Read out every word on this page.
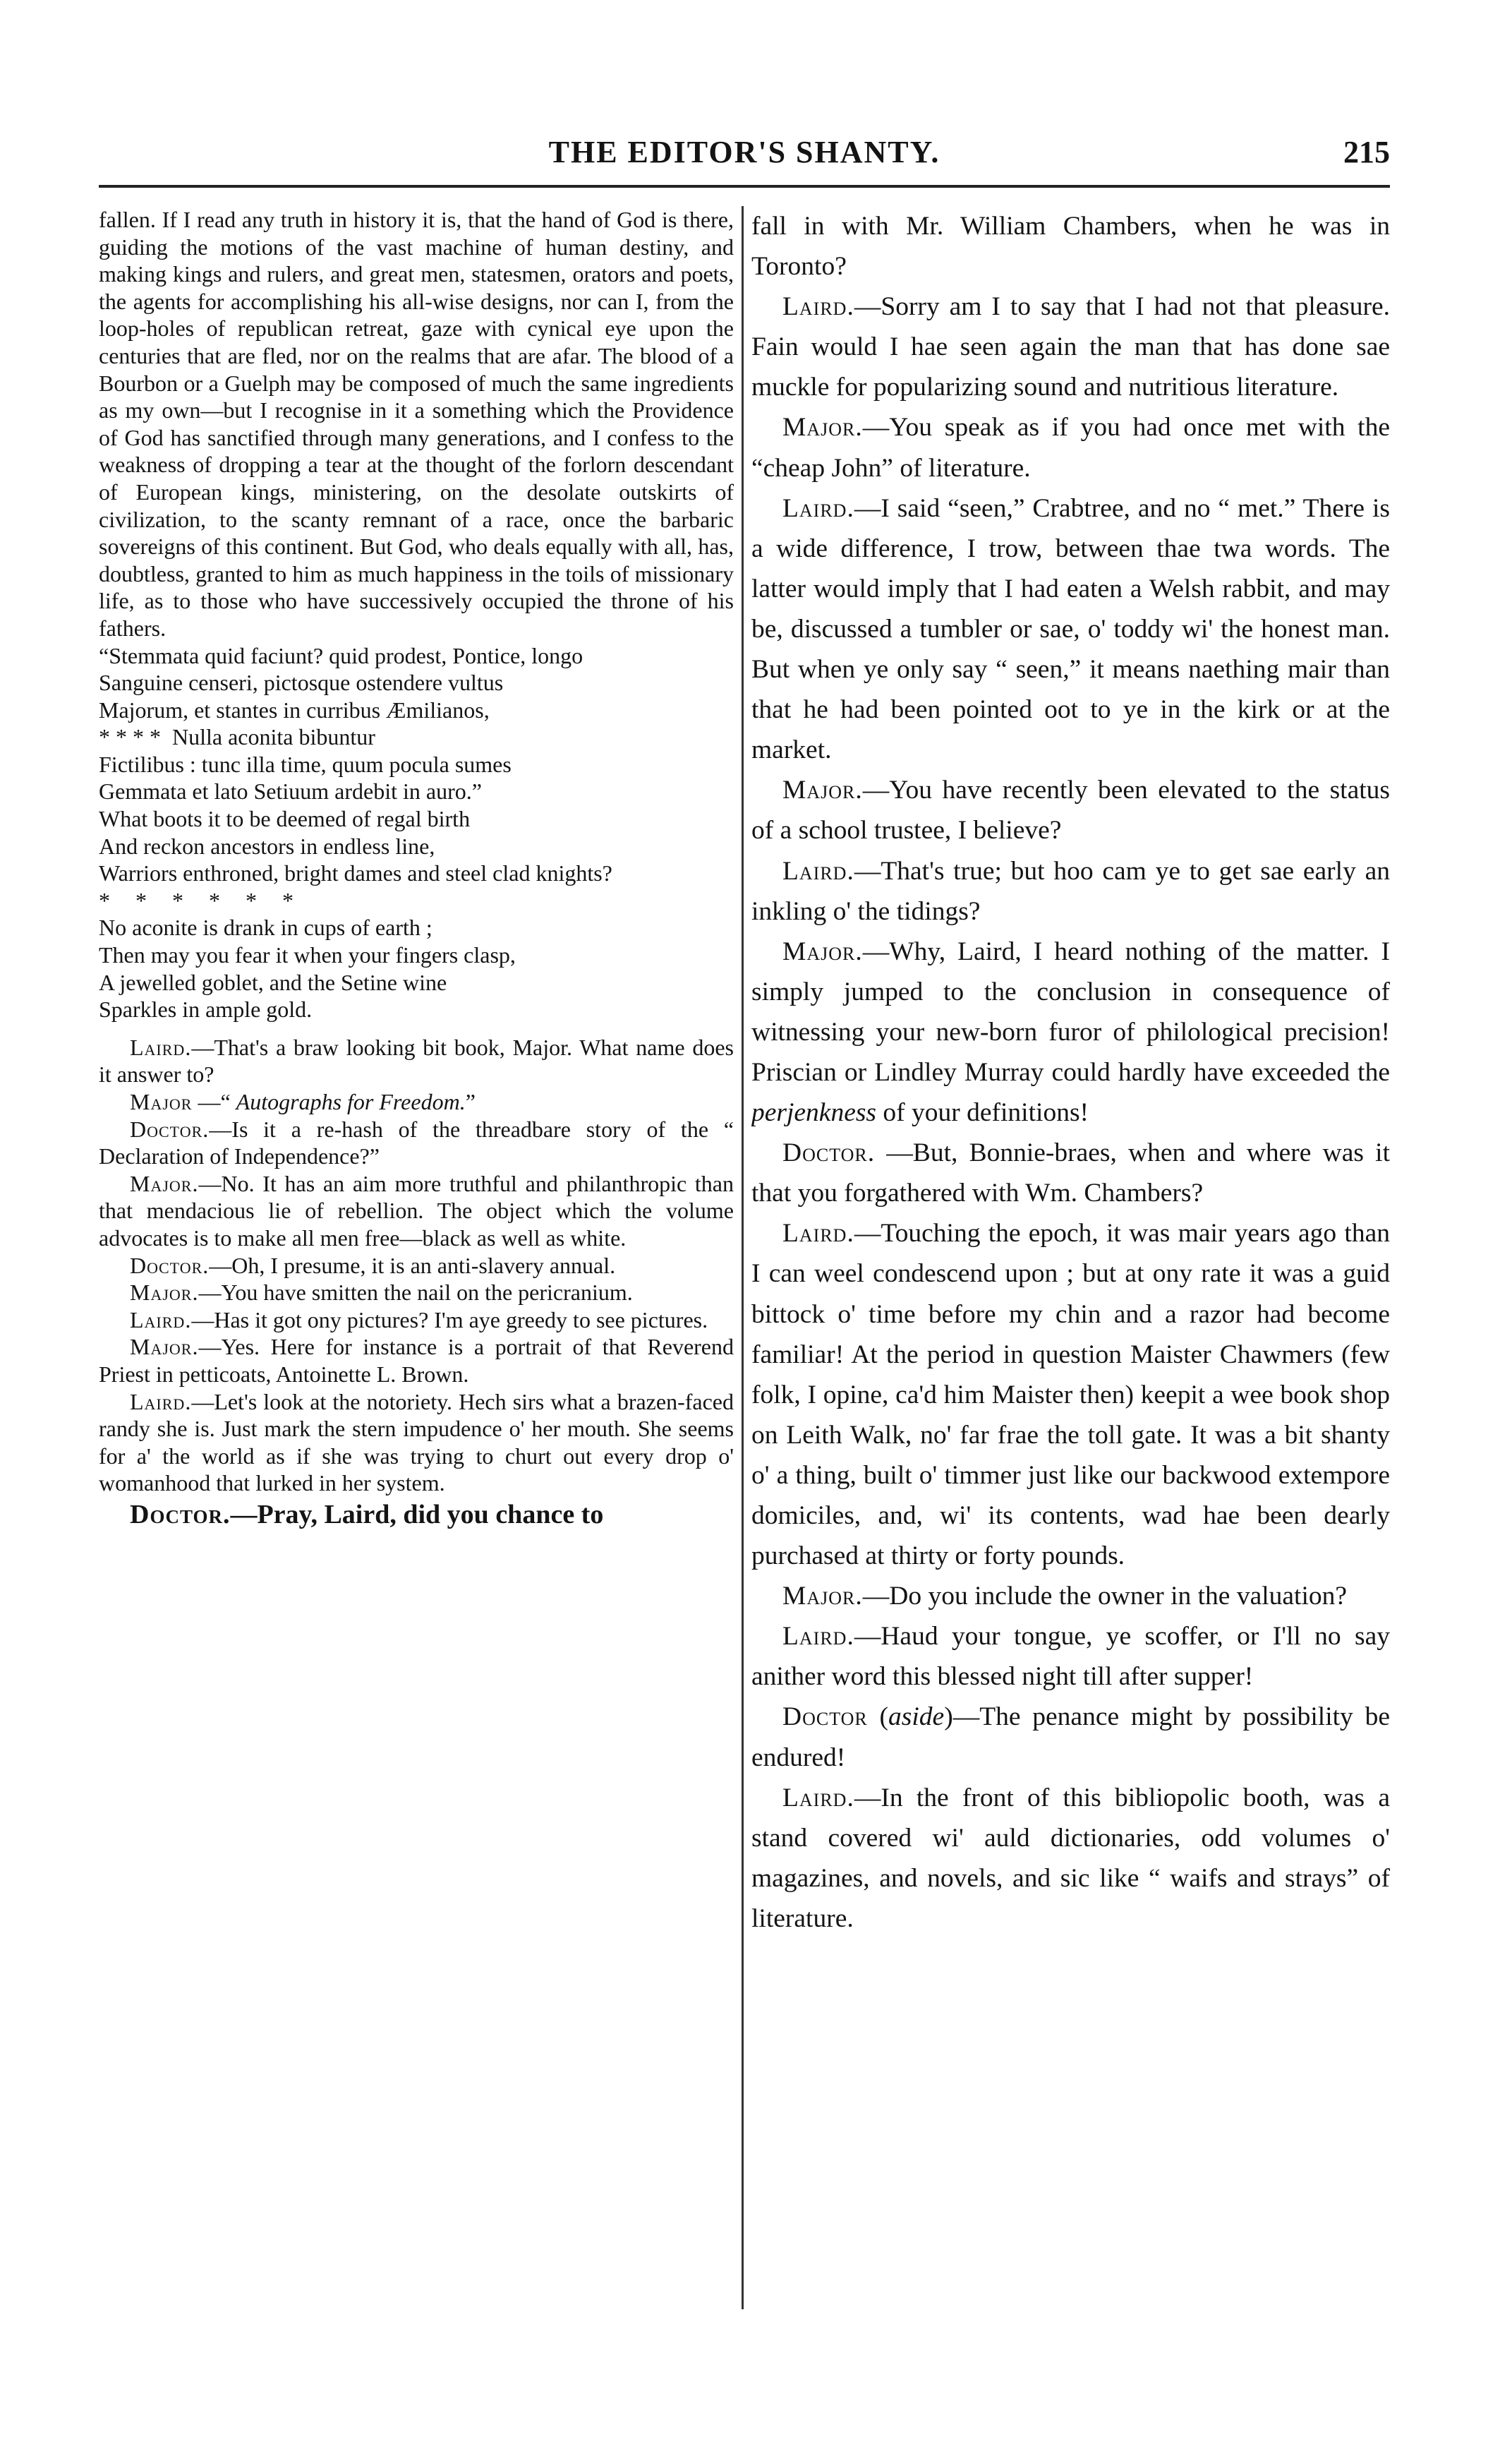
THE EDITOR'S SHANTY.	215

fallen. If I read any truth in history it is, that the hand of God is there, guiding the motions of the vast machine of human destiny, and making kings and rulers, and great men, statesmen, orators and poets, the agents for accomplishing his all-wise designs, nor can I, from the loop-holes of republican retreat, gaze with cynical eye upon the centuries that are fled, nor on the realms that are afar. The blood of a Bourbon or a Guelph may be composed of much the same ingredients as my own—but I recognise in it a something which the Providence of God has sanctified through many generations, and I confess to the weakness of dropping a tear at the thought of the forlorn descendant of European kings, ministering, on the desolate outskirts of civilization, to the scanty remnant of a race, once the barbaric sovereigns of this continent. But God, who deals equally with all, has, doubtless, granted to him as much happiness in the toils of missionary life, as to those who have successively occupied the throne of his fathers.

“Stemmata quid faciunt? quid prodest, Pontice, longo
Sanguine censeri, pictosque ostendere vultus
Majorum, et stantes in curribus Æmilianos,
* * * * Nulla aconita bibuntur
Fictilibus : tunc illa time, quum pocula sumes
Gemmata et lato Setiuum ardebit in auro.”
What boots it to be deemed of regal birth
And reckon ancestors in endless line,
Warriors enthroned, bright dames and steel clad knights?
* * * * * *
No aconite is drank in cups of earth ;
Then may you fear it when your fingers clasp,
A jewelled goblet, and the Setine wine
Sparkles in ample gold.

Laird.—That's a braw looking bit book, Major. What name does it answer to?

Major —“ Autographs for Freedom.”

Doctor.—Is it a re-hash of the threadbare story of the “ Declaration of Independence?”

Major.—No. It has an aim more truthful and philanthropic than that mendacious lie of rebellion. The object which the volume advocates is to make all men free—black as well as white.

Doctor.—Oh, I presume, it is an anti-slavery annual.

Major.—You have smitten the nail on the pericranium.

Laird.—Has it got ony pictures? I'm aye greedy to see pictures.

Major.—Yes. Here for instance is a portrait of that Reverend Priest in petticoats, Antoinette L. Brown.

Laird.—Let's look at the notoriety. Hech sirs what a brazen-faced randy she is. Just mark the stern impudence o' her mouth. She seems for a' the world as if she was trying to churt out every drop o' womanhood that lurked in her system.

Doctor.—Pray, Laird, did you chance to

fall in with Mr. William Chambers, when he was in Toronto?

Laird.—Sorry am I to say that I had not that pleasure. Fain would I hae seen again the man that has done sae muckle for popularizing sound and nutritious literature.

Major.—You speak as if you had once met with the “cheap John” of literature.

Laird.—I said “seen,” Crabtree, and no “ met.” There is a wide difference, I trow, between thae twa words. The latter would imply that I had eaten a Welsh rabbit, and may be, discussed a tumbler or sae, o' toddy wi' the honest man. But when ye only say “ seen,” it means naething mair than that he had been pointed oot to ye in the kirk or at the market.

Major.—You have recently been elevated to the status of a school trustee, I believe?

Laird.—That's true; but hoo cam ye to get sae early an inkling o' the tidings?

Major.—Why, Laird, I heard nothing of the matter. I simply jumped to the conclusion in consequence of witnessing your new-born furor of philological precision! Priscian or Lindley Murray could hardly have exceeded the perjenkness of your definitions!

Doctor. —But, Bonnie-braes, when and where was it that you forgathered with Wm. Chambers?

Laird.—Touching the epoch, it was mair years ago than I can weel condescend upon ; but at ony rate it was a guid bittock o' time before my chin and a razor had become familiar! At the period in question Maister Chawmers (few folk, I opine, ca'd him Maister then) keepit a wee book shop on Leith Walk, no' far frae the toll gate. It was a bit shanty o' a thing, built o' timmer just like our backwood extempore domiciles, and, wi' its contents, wad hae been dearly purchased at thirty or forty pounds.

Major.—Do you include the owner in the valuation?

Laird.—Haud your tongue, ye scoffer, or I'll no say anither word this blessed night till after supper!

Doctor (aside)—The penance might by possibility be endured!

Laird.—In the front of this bibliopolic booth, was a stand covered wi' auld dictionaries, odd volumes o' magazines, and novels, and sic like “ waifs and strays” of literature.
